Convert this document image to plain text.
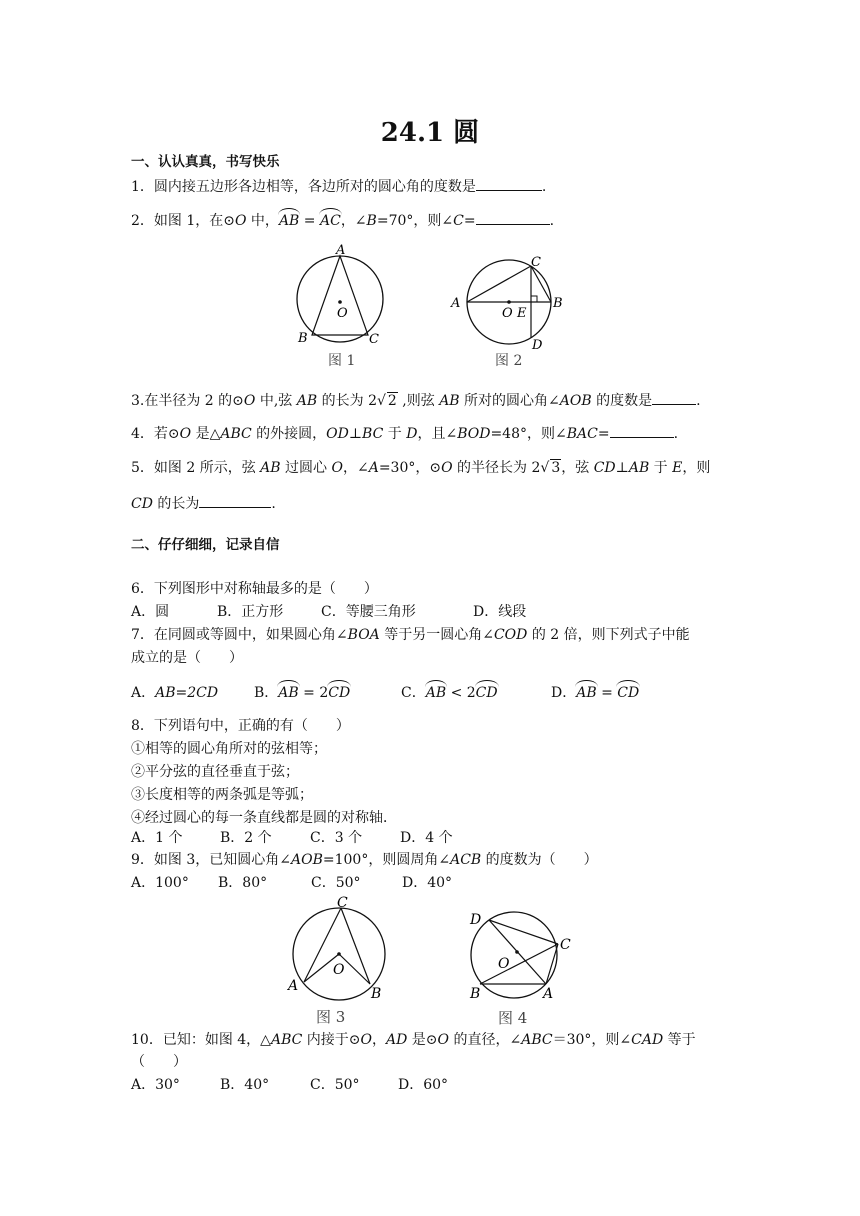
24.1 圆
一、认认真真，书写快乐
1．圆内接五边形各边相等，各边所对的圆心角的度数是	.
2．如图 1，在⊙O 中，AB = AC，∠B=70°，则∠C=	.
A
B	C
O
图 1
A	B
C
D
O E
图 2
3.在半径为 2 的⊙O 中,弦 AB 的长为 2√ 2 ,则弦 AB 所对的圆心角∠AOB 的度数是	.
4．若⊙O 是△ABC 的外接圆，OD⊥BC 于 D，且∠BOD=48°，则∠BAC=	.
5．如图 2 所示，弦 AB 过圆心 O，∠A=30°，⊙O 的半径长为 2√ 3，弦 CD⊥AB 于 E，则
CD 的长为	.
二、仔仔细细，记录自信
6．下列图形中对称轴最多的是（　　）
A．圆	B．正方形	C．等腰三角形	D．线段
7．在同圆或等圆中，如果圆心角∠BOA 等于另一圆心角∠COD 的 2 倍，则下列式子中能
成立的是（　　）
A．AB=2CD	B．AB = 2CD	C．AB < 2CD	D．AB = CD
8．下列语句中，正确的有（　　）
①相等的圆心角所对的弦相等；
②平分弦的直径垂直于弦；
③长度相等的两条弧是等弧；
④经过圆心的每一条直线都是圆的对称轴．
A．1 个	B．2 个	C．3 个	D．4 个
9．如图 3，已知圆心角∠AOB=100°，则圆周角∠ACB 的度数为（　　）
A．100° B．80°	C．50°	D．40°
C
A	B
O
图 3
D
C
B	A
O
图 4
10．已知：如图 4，△ABC 内接于⊙O，AD 是⊙O 的直径，∠ABC＝30°，则∠CAD 等于
（　　）
A．30°	B．40°	C．50°	D．60°
